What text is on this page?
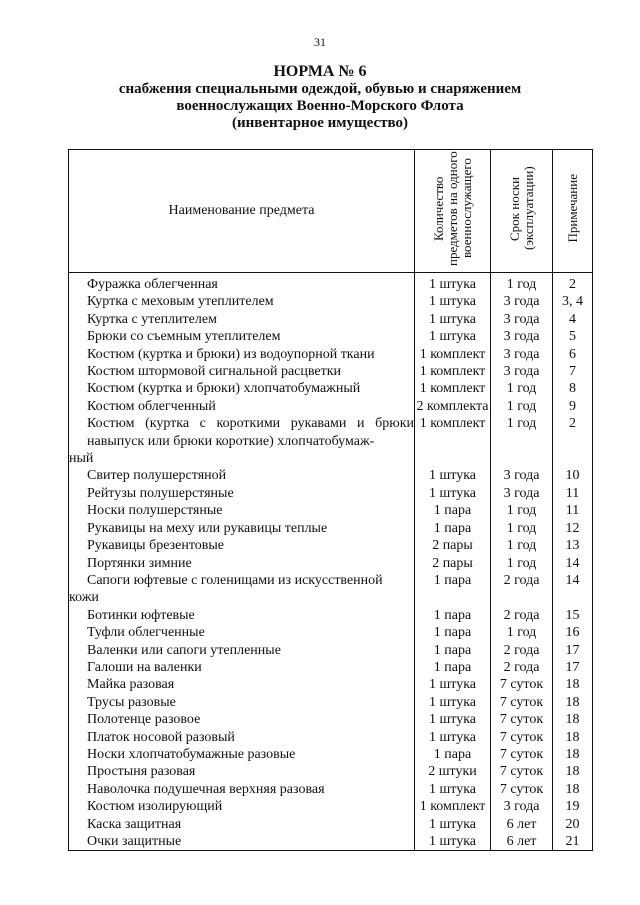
31
НОРМА № 6
снабжения специальными одеждой, обувью и снаряжением
военнослужащих Военно-Морского Флота
(инвентарное имущество)
Наименование предмета	Количество предметов на одного военнослужащего	Срок носки (эксплуатации)	Примечание
Фуражка облегченная	1 штука	1 год	2
Куртка с меховым утеплителем	1 штука	3 года	3, 4
Куртка с утеплителем	1 штука	3 года	4
Брюки со съемным утеплителем	1 штука	3 года	5
Костюм (куртка и брюки) из водоупорной ткани	1 комплект	3 года	6
Костюм штормовой сигнальной расцветки	1 комплект	3 года	7
Костюм (куртка и брюки) хлопчатобумажный	1 комплект	1 год	8
Костюм облегченный	2 комплекта	1 год	9
Костюм (куртка с короткими рукавами и брюки навыпуск или брюки короткие) хлопчатобумаж-
ный	1 комплект	1 год	2
Свитер полушерстяной	1 штука	3 года	10
Рейтузы полушерстяные	1 штука	3 года	11
Носки полушерстяные	1 пара	1 год	11
Рукавицы на меху или рукавицы теплые	1 пара	1 год	12
Рукавицы брезентовые	2 пары	1 год	13
Портянки зимние	2 пары	1 год	14
Сапоги юфтевые с голенищами из искусственной
кожи	1 пара	2 года	14
Ботинки юфтевые	1 пара	2 года	15
Туфли облегченные	1 пара	1 год	16
Валенки или сапоги утепленные	1 пара	2 года	17
Галоши на валенки	1 пара	2 года	17
Майка разовая	1 штука	7 суток	18
Трусы разовые	1 штука	7 суток	18
Полотенце разовое	1 штука	7 суток	18
Платок носовой разовый	1 штука	7 суток	18
Носки хлопчатобумажные разовые	1 пара	7 суток	18
Простыня разовая	2 штуки	7 суток	18
Наволочка подушечная верхняя разовая	1 штука	7 суток	18
Костюм изолирующий	1 комплект	3 года	19
Каска защитная	1 штука	6 лет	20
Очки защитные	1 штука	6 лет	21
